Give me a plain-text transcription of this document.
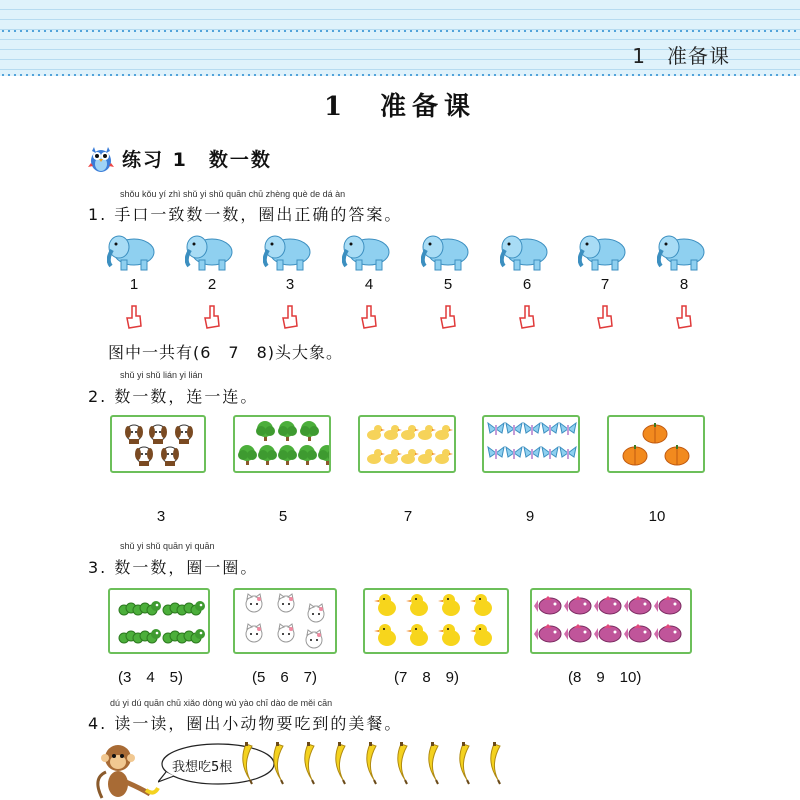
1　准备课
1　准备课
练习 1　数一数
shǒu kǒu yí zhì shǔ yi shǔ quān chū zhèng què de dá àn
1. 手口一致数一数，圈出正确的答案。
1	2	3	4	5	6	7	8
图中一共有(6　7　8)头大象。
shǔ yi shǔ lián yi lián
2. 数一数，连一连。
3	5	7	9	10
shǔ yi shǔ quān yi quān
3. 数一数，圈一圈。
(3　4　5)	(5　6　7)	(7　8　9)	(8　9　10)
dú yi dú quān chū xiǎo dòng wù yào chī dào de měi cān
4. 读一读，圈出小动物要吃到的美餐。
我想吃5根
